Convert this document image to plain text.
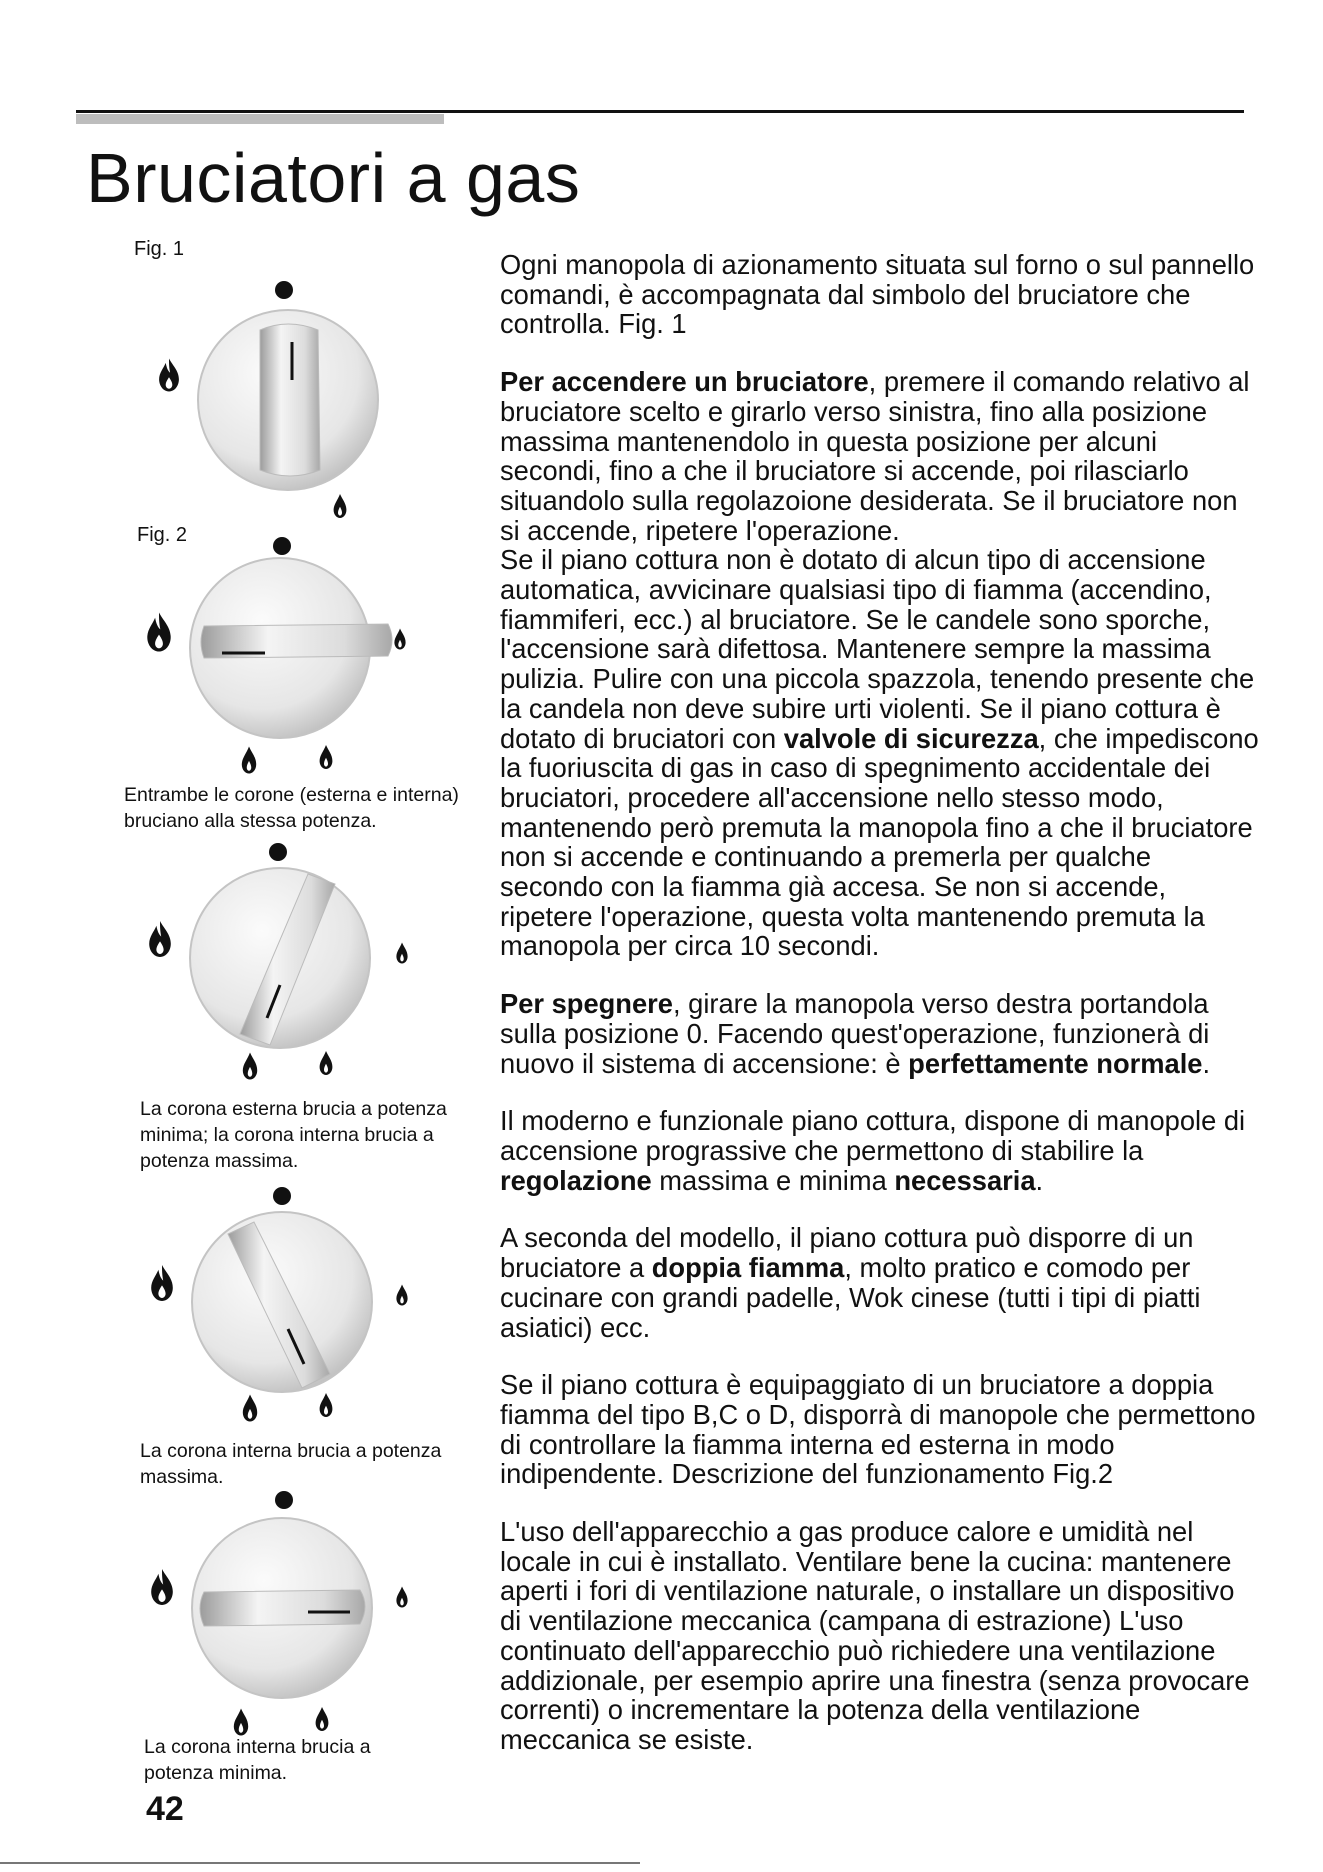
Bruciatori a gas
Fig. 1
Fig. 2
Entrambe le corone (esterna e interna) bruciano alla stessa potenza.
La corona esterna brucia a potenza minima; la corona interna brucia a potenza massima.
La corona interna brucia a potenza massima.
La corona interna brucia a potenza minima.

Ogni manopola di azionamento situata sul forno o sul pannello comandi, è accompagnata dal simbolo del bruciatore che controlla. Fig. 1

Per accendere un bruciatore, premere il comando relativo al bruciatore scelto e girarlo verso sinistra, fino alla posizione massima mantenendolo in questa posizione per alcuni secondi, fino a che il bruciatore si accende, poi rilasciarlo situandolo sulla regolazoione desiderata. Se il bruciatore non si accende, ripetere l'operazione.

Se il piano cottura non è dotato di alcun tipo di accensione automatica, avvicinare qualsiasi tipo di fiamma (accendino, fiammiferi, ecc.) al bruciatore. Se le candele sono sporche, l'accensione sarà difettosa. Mantenere sempre la massima pulizia. Pulire con una piccola spazzola, tenendo presente che la candela non deve subire urti violenti. Se il piano cottura è dotato di bruciatori con valvole di sicurezza, che impediscono la fuoriuscita di gas in caso di spegnimento accidentale dei bruciatori, procedere all'accensione nello stesso modo, mantenendo però premuta la manopola fino a che il bruciatore non si accende e continuando a premerla per qualche secondo con la fiamma già accesa. Se non si accende, ripetere l'operazione, questa volta mantenendo premuta la manopola per circa 10 secondi.

Per spegnere, girare la manopola verso destra portandola sulla posizione 0. Facendo quest'operazione, funzionerà di nuovo il sistema di accensione: è perfettamente normale.

Il moderno e funzionale piano cottura, dispone di manopole di accensione prograssive che permettono di stabilire la regolazione massima e minima necessaria.

A seconda del modello, il piano cottura può disporre di un bruciatore a doppia fiamma, molto pratico e comodo per cucinare con grandi padelle, Wok cinese (tutti i tipi di piatti asiatici) ecc.

Se il piano cottura è equipaggiato di un bruciatore a doppia fiamma del tipo B,C o D, disporrà di manopole che permettono di controllare la fiamma interna ed esterna in modo indipendente. Descrizione del funzionamento Fig.2

L'uso dell'apparecchio a gas produce calore e umidità nel locale in cui è installato. Ventilare bene la cucina: mantenere aperti i fori di ventilazione naturale, o installare un dispositivo di ventilazione meccanica (campana di estrazione) L'uso continuato dell'apparecchio può richiedere una ventilazione addizionale, per esempio aprire una finestra (senza provocare correnti) o incrementare la potenza della ventilazione meccanica se esiste.

42
